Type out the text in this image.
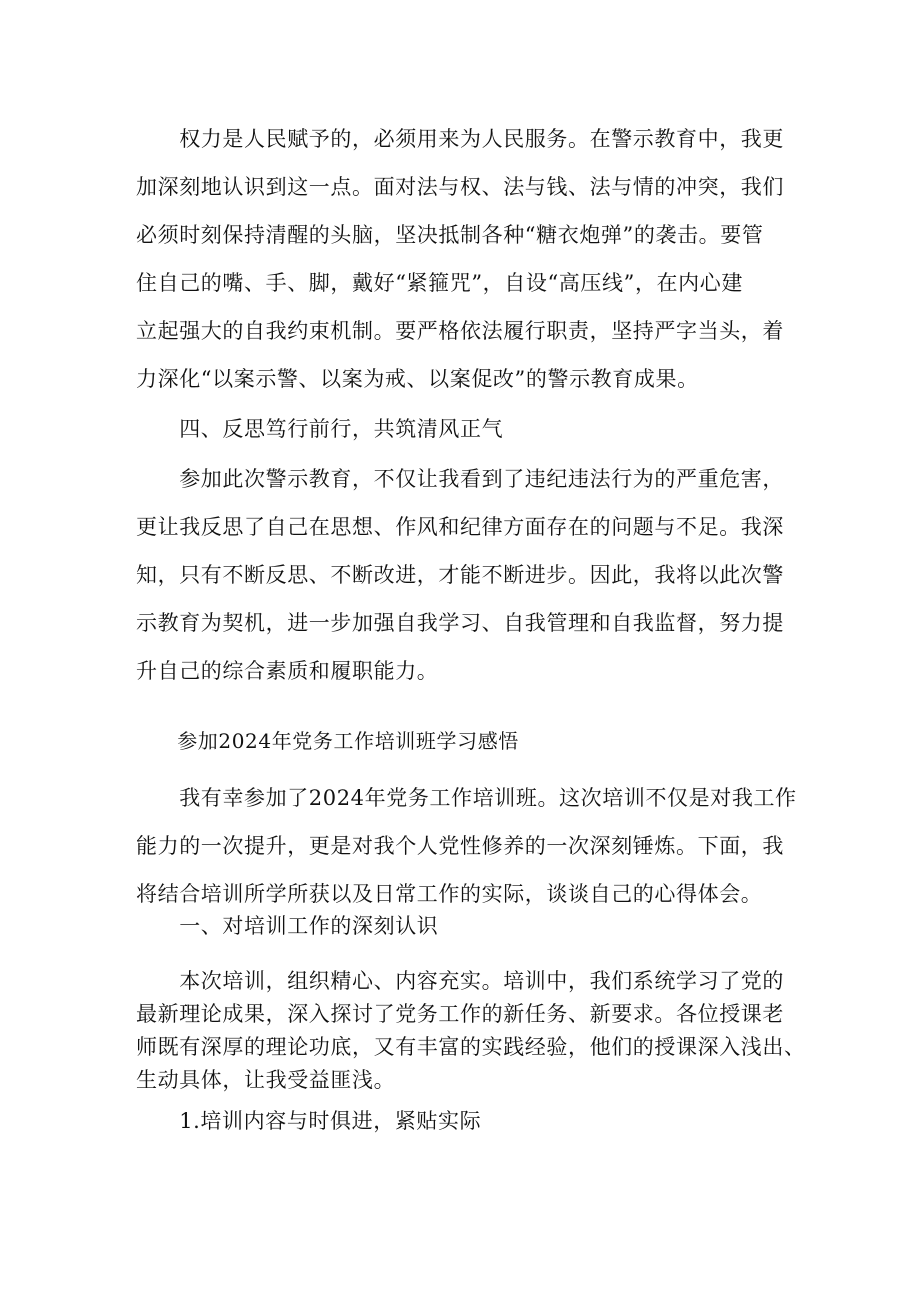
　　权力是人民赋予的，必须用来为人民服务。在警示教育中，我更
加深刻地认识到这一点。面对法与权、法与钱、法与情的冲突，我们
必须时刻保持清醒的头脑，坚决抵制各种“糖衣炮弹”的袭击。要管
住自己的嘴、手、脚，戴好“紧箍咒”，自设“高压线”，在内心建
立起强大的自我约束机制。要严格依法履行职责，坚持严字当头，着
力深化“以案示警、以案为戒、以案促改”的警示教育成果。
　　四、反思笃行前行，共筑清风正气
　　参加此次警示教育，不仅让我看到了违纪违法行为的严重危害，
更让我反思了自己在思想、作风和纪律方面存在的问题与不足。我深
知，只有不断反思、不断改进，才能不断进步。因此，我将以此次警
示教育为契机，进一步加强自我学习、自我管理和自我监督，努力提
升自己的综合素质和履职能力。
　　参加2024年党务工作培训班学习感悟
　　我有幸参加了2024年党务工作培训班。这次培训不仅是对我工作
能力的一次提升，更是对我个人党性修养的一次深刻锤炼。下面，我
将结合培训所学所获以及日常工作的实际，谈谈自己的心得体会。
　　一、对培训工作的深刻认识
　　本次培训，组织精心、内容充实。培训中，我们系统学习了党的
最新理论成果，深入探讨了党务工作的新任务、新要求。各位授课老
师既有深厚的理论功底，又有丰富的实践经验，他们的授课深入浅出、
生动具体，让我受益匪浅。
　　1.培训内容与时俱进，紧贴实际
